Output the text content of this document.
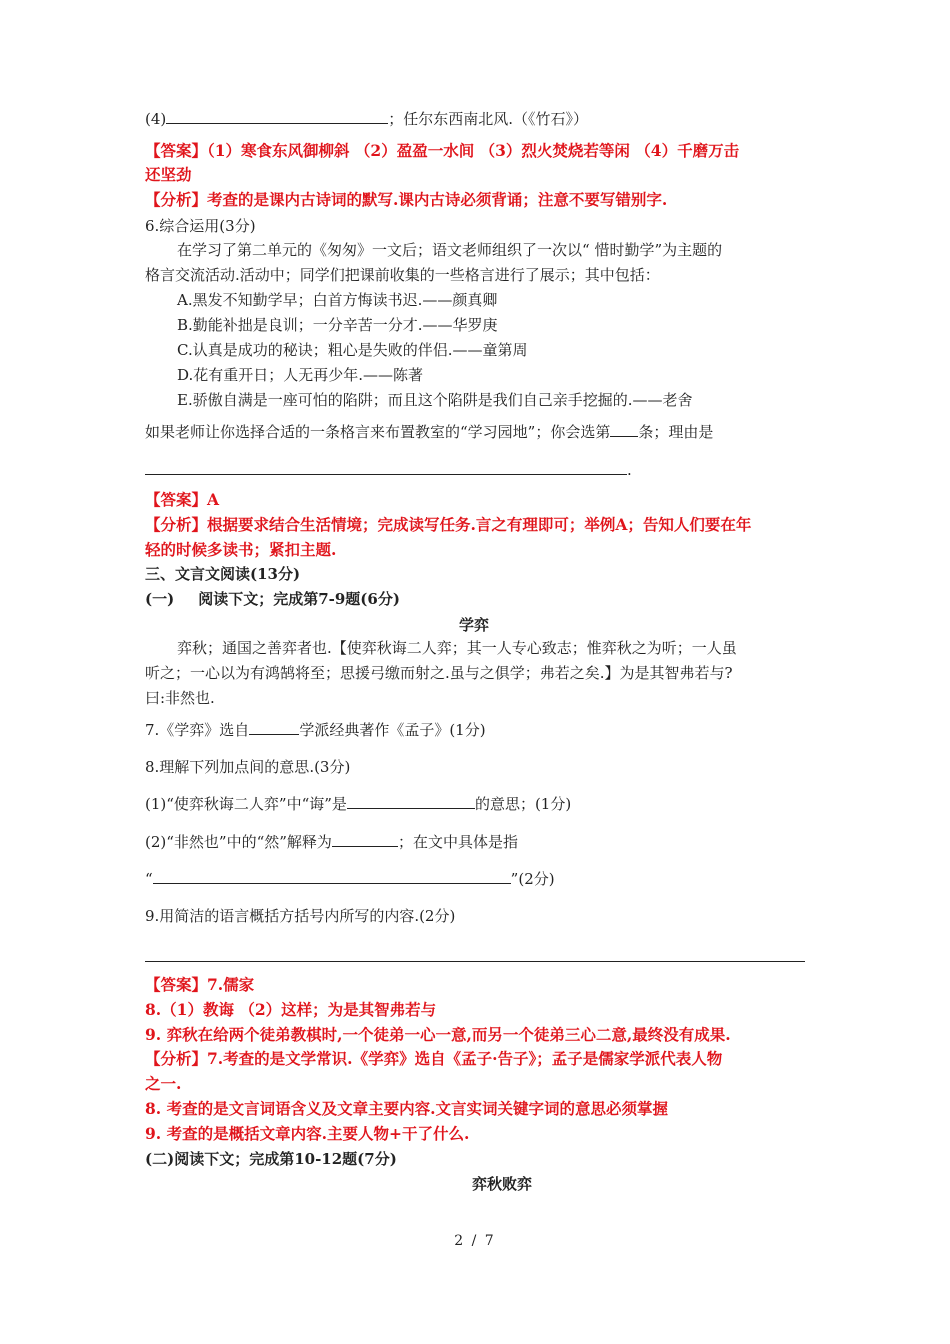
(4)	；任尔东西南北风.（《竹石》）
【答案】（1）寒食东风御柳斜 （2）盈盈一水间 （3）烈火焚烧若等闲 （4）千磨万击
还坚劲
【分析】考查的是课内古诗词的默写.课内古诗必须背诵；注意不要写错别字.
6.综合运用(3分)
在学习了第二单元的《匆匆》一文后；语文老师组织了一次以“ 惜时勤学”为主题的
格言交流活动.活动中；同学们把课前收集的一些格言进行了展示；其中包括：
A.黑发不知勤学早；白首方悔读书迟.——颜真卿
B.勤能补拙是良训；一分辛苦一分才.——华罗庚
C.认真是成功的秘诀；粗心是失败的伴侣.——童第周
D.花有重开日；人无再少年.——陈著
E.骄傲自满是一座可怕的陷阱；而且这个陷阱是我们自己亲手挖掘的.——老舍
如果老师让你选择合适的一条格言来布置教室的“学习园地”；你会选第 条；理由是
.
【答案】A
【分析】根据要求结合生活情境；完成读写任务.言之有理即可；举例A；告知人们要在年
轻的时候多读书；紧扣主题.
三、文言文阅读(13分)
(一) 阅读下文；完成第7-9题(6分)
学弈
弈秋；通国之善弈者也.【使弈秋诲二人弈；其一人专心致志；惟弈秋之为听；一人虽
听之；一心以为有鸿鹄将至；思援弓缴而射之.虽与之俱学；弗若之矣.】为是其智弗若与?
曰:非然也.
7.《学弈》选自	学派经典著作《孟子》(1分)
8.理解下列加点间的意思.(3分)
(1)“使弈秋诲二人弈”中“诲”是	的意思；(1分)
(2)“非然也”中的“然”解释为	；在文中具体是指
“	”(2分)
9.用简洁的语言概括方括号内所写的内容.(2分)
【答案】7.儒家
8.（1）教诲 （2）这样；为是其智弗若与
9. 弈秋在给两个徒弟教棋时,一个徒弟一心一意,而另一个徒弟三心二意,最终没有成果.
【分析】7.考查的是文学常识.《学弈》选自《孟子·告子》；孟子是儒家学派代表人物
之一.
8. 考查的是文言词语含义及文章主要内容.文言实词关键字词的意思必须掌握
9. 考查的是概括文章内容.主要人物+干了什么.
(二)阅读下文；完成第10-12题(7分)
弈秋败弈
2 / 7
